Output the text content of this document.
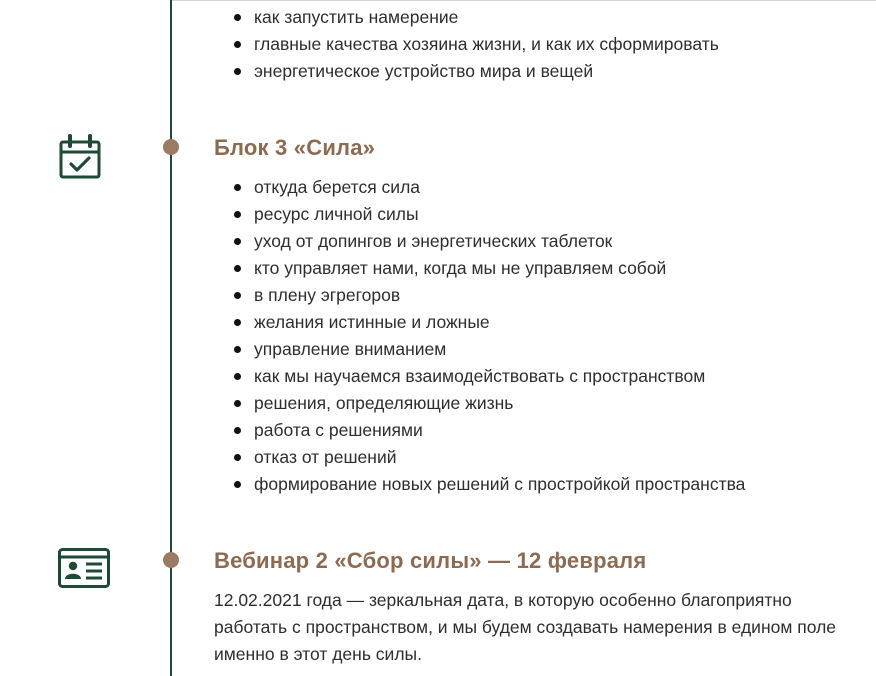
как запустить намерение
главные качества хозяина жизни, и как их сформировать
энергетическое устройство мира и вещей
Блок 3 «Сила»
откуда берется сила
ресурс личной силы
уход от допингов и энергетических таблеток
кто управляет нами, когда мы не управляем собой
в плену эгрегоров
желания истинные и ложные
управление вниманием
как мы научаемся взаимодействовать с пространством
решения, определяющие жизнь
работа с решениями
отказ от решений
формирование новых решений с простройкой пространства
Вебинар 2 «Сбор силы» — 12 февраля
12.02.2021 года — зеркальная дата, в которую особенно благоприятно работать с пространством, и мы будем создавать намерения в едином поле именно в этот день силы.
